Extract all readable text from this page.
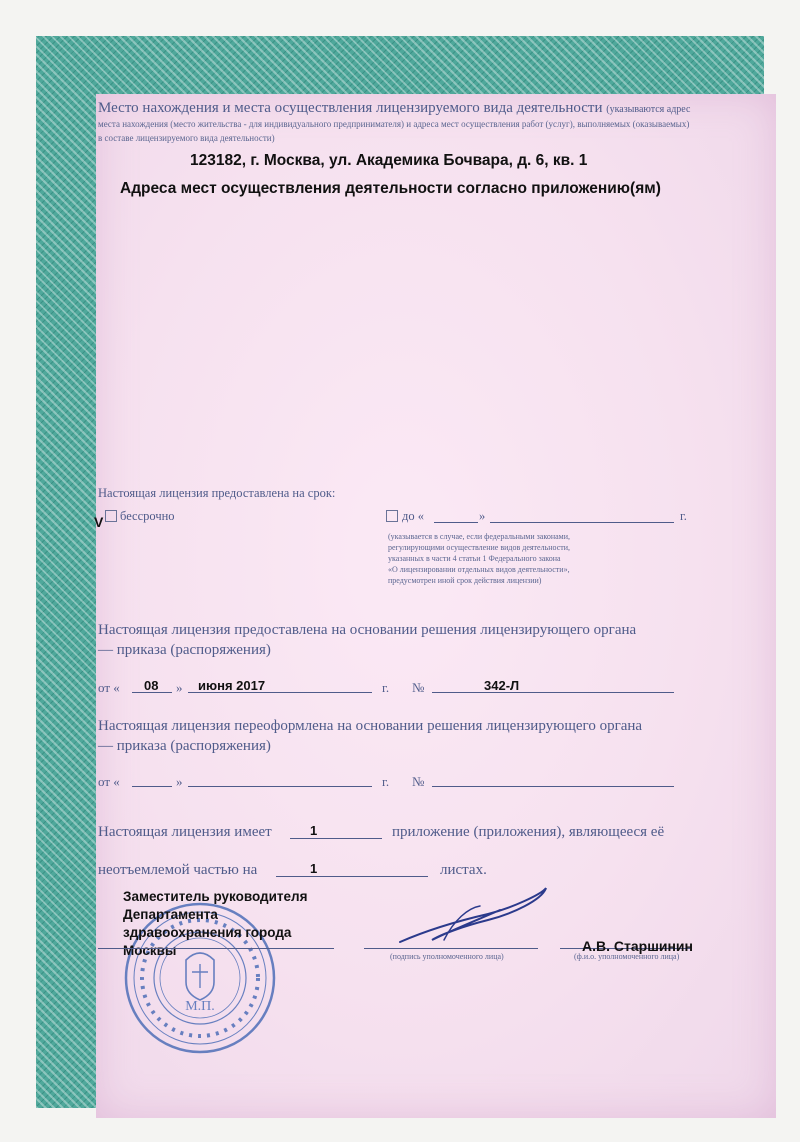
Место нахождения и места осуществления лицензируемого вида деятельности (указываются адрес
места нахождения (место жительства - для индивидуального предпринимателя) и адреса мест осуществления работ (услуг), выполняемых (оказываемых)
в составе лицензируемого вида деятельности)
123182, г. Москва, ул. Академика Бочвара, д. 6, кв. 1
Адреса мест осуществления деятельности согласно приложению(ям)
Настоящая лицензия предоставлена на срок:
V бессрочно	до «	»	г.
(указывается в случае, если федеральными законами,
регулирующими осуществление видов деятельности,
указанных в части 4 статьи 1 Федерального закона
«О лицензировании отдельных видов деятельности»,
предусмотрен иной срок действия лицензии)
Настоящая лицензия предоставлена на основании решения лицензирующего органа
— приказа (распоряжения)
от « 08 » июня 2017	г. №	342-Л
Настоящая лицензия переоформлена на основании решения лицензирующего органа
— приказа (распоряжения)
от «	»	г. №
Настоящая лицензия имеет	1	приложение (приложения), являющееся её
неотъемлемой частью на	1	листах.
М.П.
Заместитель руководителя
Департамента
здравоохранения города
Москвы	(подпись уполномоченного лица)	(ф.и.о. уполномоченного лица)
А.В. Старшинин
